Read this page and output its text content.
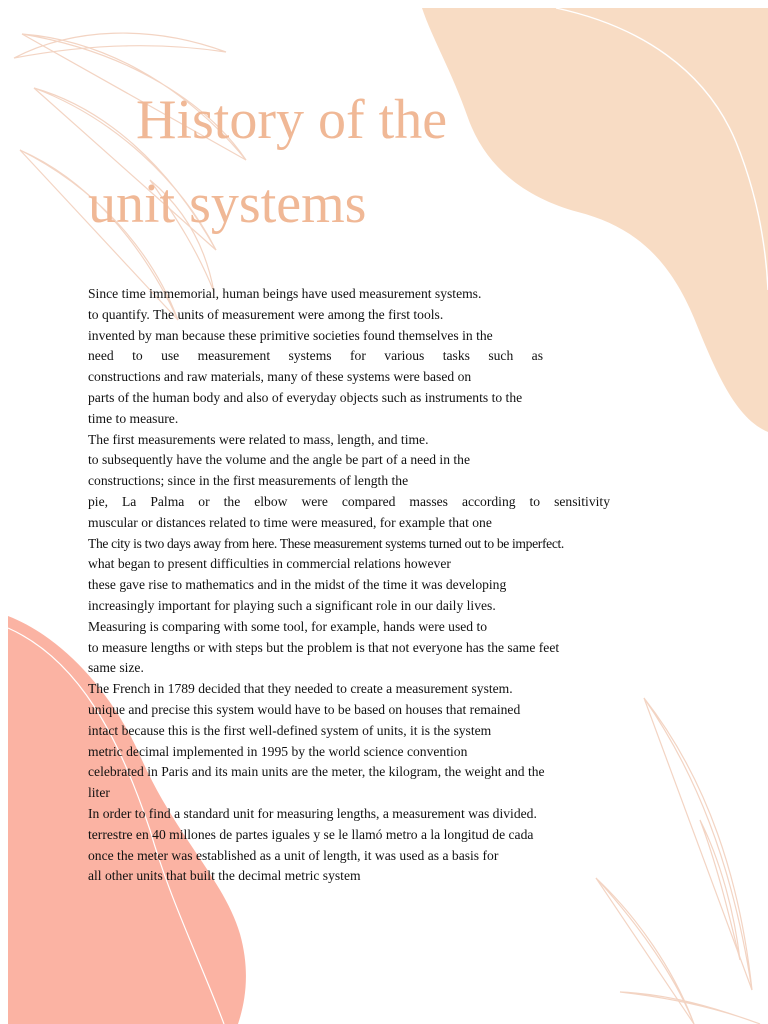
History of the
unit systems
Since time immemorial, human beings have used measurement systems.
to quantify. The units of measurement were among the first tools.
invented by man because these primitive societies found themselves in the
need to use measurement systems for various tasks such as
constructions and raw materials, many of these systems were based on
parts of the human body and also of everyday objects such as instruments to the
time to measure.
The first measurements were related to mass, length, and time.
to subsequently have the volume and the angle be part of a need in the
constructions; since in the first measurements of length the
pie, La Palma or the elbow were compared masses according to sensitivity
muscular or distances related to time were measured, for example that one
The city is two days away from here. These measurement systems turned out to be imperfect.
what began to present difficulties in commercial relations however
these gave rise to mathematics and in the midst of the time it was developing
increasingly important for playing such a significant role in our daily lives.
Measuring is comparing with some tool, for example, hands were used to
to measure lengths or with steps but the problem is that not everyone has the same feet
same size.
The French in 1789 decided that they needed to create a measurement system.
unique and precise this system would have to be based on houses that remained
intact because this is the first well-defined system of units, it is the system
metric decimal implemented in 1995 by the world science convention
celebrated in Paris and its main units are the meter, the kilogram, the weight and the
liter
In order to find a standard unit for measuring lengths, a measurement was divided.
terrestre en 40 millones de partes iguales y se le llamó metro a la longitud de cada
once the meter was established as a unit of length, it was used as a basis for
all other units that built the decimal metric system
